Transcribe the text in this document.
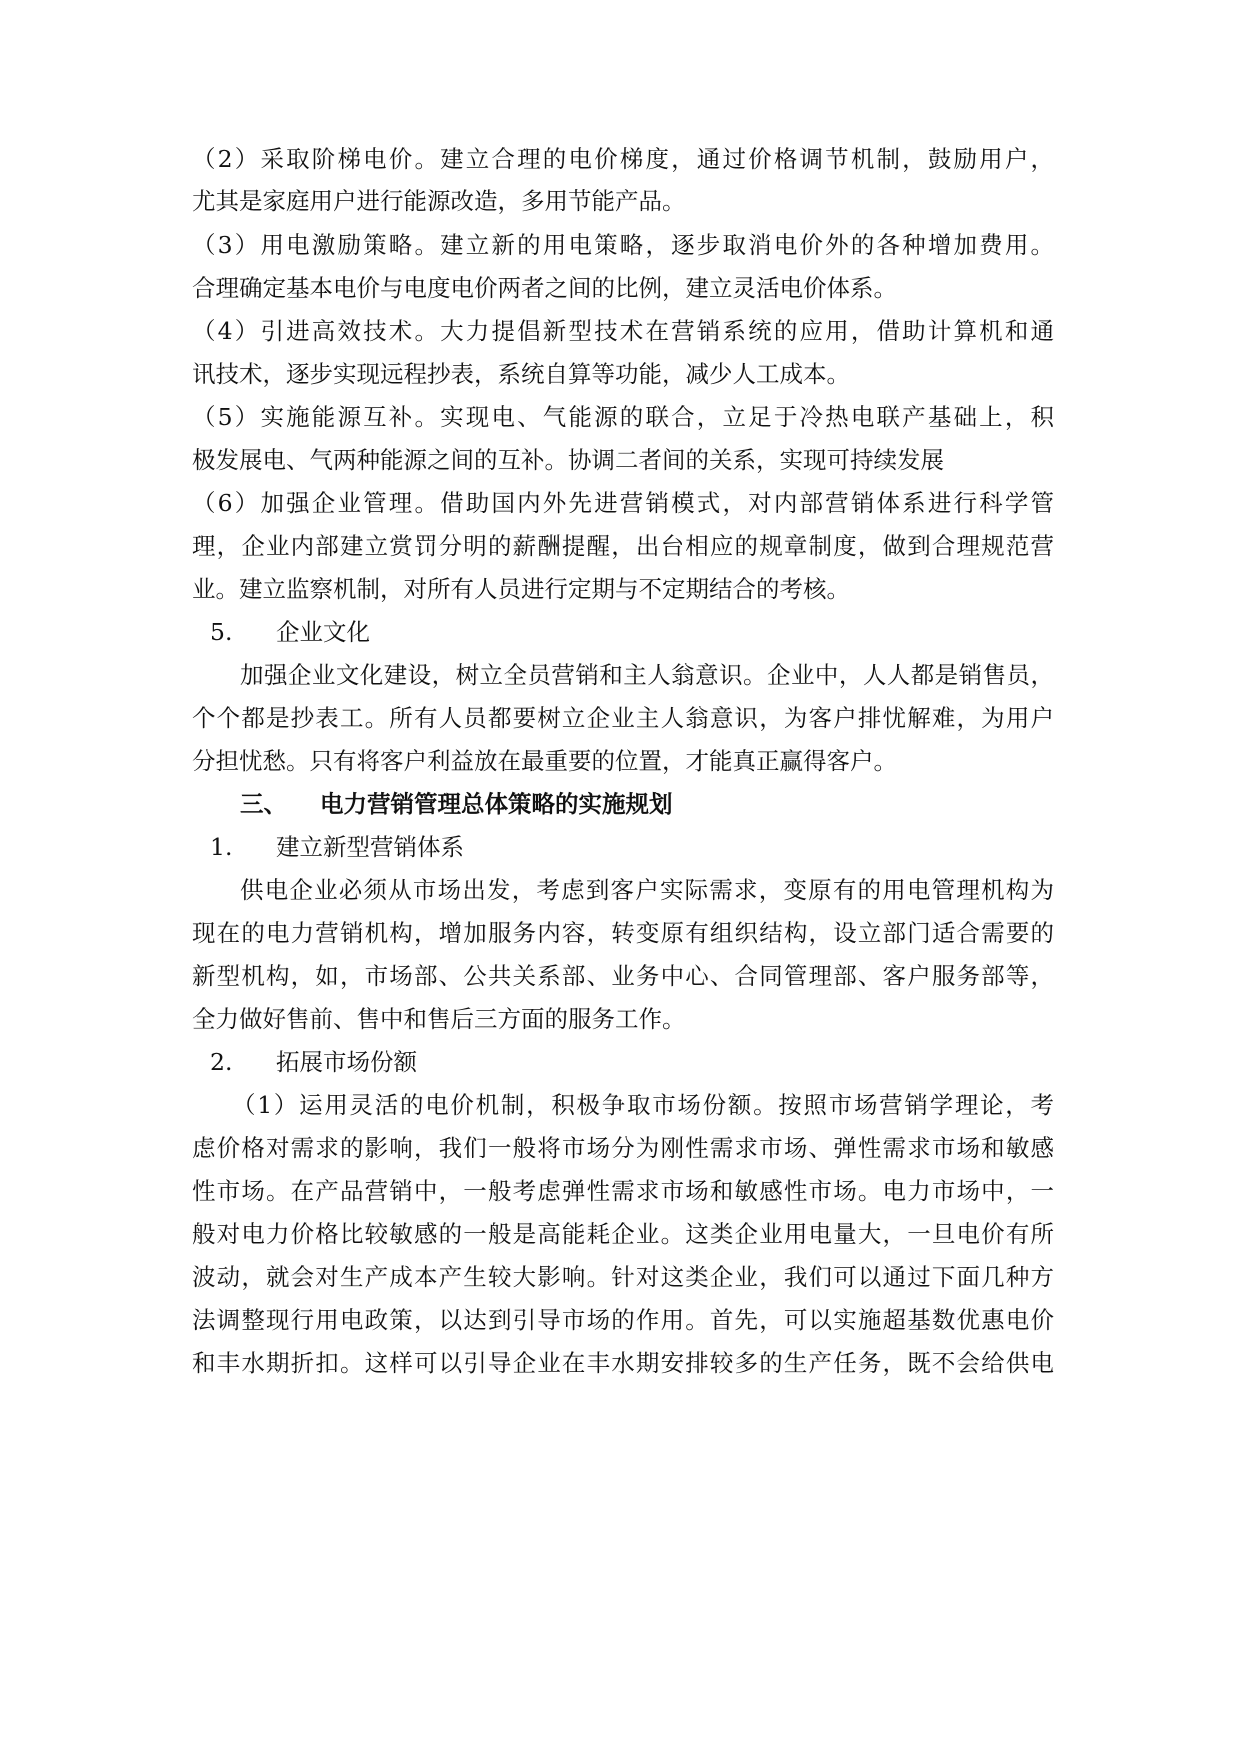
（2）采取阶梯电价。建立合理的电价梯度，通过价格调节机制，鼓励用户，
尤其是家庭用户进行能源改造，多用节能产品。
（3）用电激励策略。建立新的用电策略，逐步取消电价外的各种增加费用。
合理确定基本电价与电度电价两者之间的比例，建立灵活电价体系。
（4）引进高效技术。大力提倡新型技术在营销系统的应用，借助计算机和通
讯技术，逐步实现远程抄表，系统自算等功能，减少人工成本。
（5）实施能源互补。实现电、气能源的联合，立足于冷热电联产基础上，积
极发展电、气两种能源之间的互补。协调二者间的关系，实现可持续发展
（6）加强企业管理。借助国内外先进营销模式，对内部营销体系进行科学管
理，企业内部建立赏罚分明的薪酬提醒，出台相应的规章制度，做到合理规范营
业。建立监察机制，对所有人员进行定期与不定期结合的考核。
5. 企业文化
加强企业文化建设，树立全员营销和主人翁意识。企业中，人人都是销售员，
个个都是抄表工。所有人员都要树立企业主人翁意识，为客户排忧解难，为用户
分担忧愁。只有将客户利益放在最重要的位置，才能真正赢得客户。
三、 电力营销管理总体策略的实施规划
1. 建立新型营销体系
供电企业必须从市场出发，考虑到客户实际需求，变原有的用电管理机构为
现在的电力营销机构，增加服务内容，转变原有组织结构，设立部门适合需要的
新型机构，如，市场部、公共关系部、业务中心、合同管理部、客户服务部等，
全力做好售前、售中和售后三方面的服务工作。
2. 拓展市场份额
（1）运用灵活的电价机制，积极争取市场份额。按照市场营销学理论，考
虑价格对需求的影响，我们一般将市场分为刚性需求市场、弹性需求市场和敏感
性市场。在产品营销中，一般考虑弹性需求市场和敏感性市场。电力市场中，一
般对电力价格比较敏感的一般是高能耗企业。这类企业用电量大，一旦电价有所
波动，就会对生产成本产生较大影响。针对这类企业，我们可以通过下面几种方
法调整现行用电政策，以达到引导市场的作用。首先，可以实施超基数优惠电价
和丰水期折扣。这样可以引导企业在丰水期安排较多的生产任务，既不会给供电
